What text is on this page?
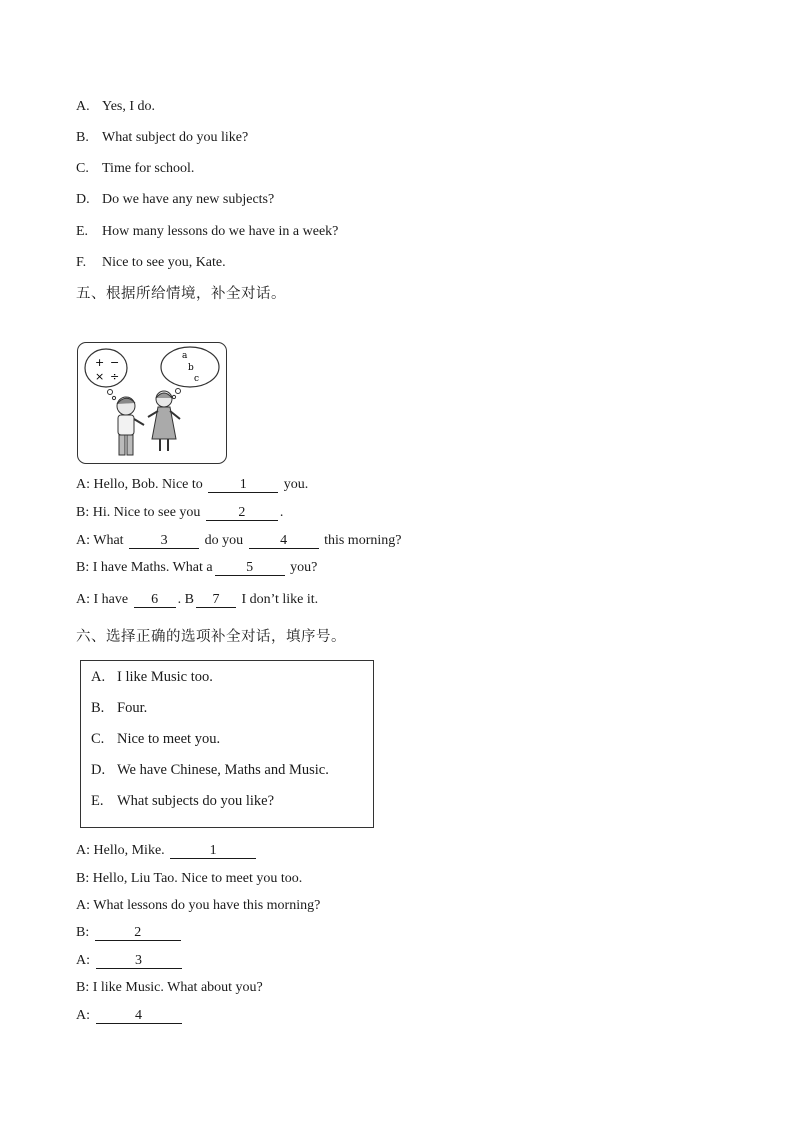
A. Yes, I do.
B. What subject do you like?
C. Time for school.
D. Do we have any new subjects?
E. How many lessons do we have in a week?
F. Nice to see you, Kate.
五、根据所给情境，补全对话。
+ −
× ÷
a
b
c
A: Hello, Bob. Nice to	1	you.
B: Hi. Nice to see you	2 .
A: What	3	do you	4	this morning?
B: I have Maths. What a 5	you?
A: I have 6 . B 7 I don’t like it.
六、选择正确的选项补全对话，填序号。
A. I like Music too.
B. Four.
C. Nice to meet you.
D. We have Chinese, Maths and Music.
E. What subjects do you like?
A: Hello, Mike.	1
B: Hello, Liu Tao. Nice to meet you too.
A: What lessons do you have this morning?
B:	2
A:	3
B: I like Music. What about you?
A:	4
